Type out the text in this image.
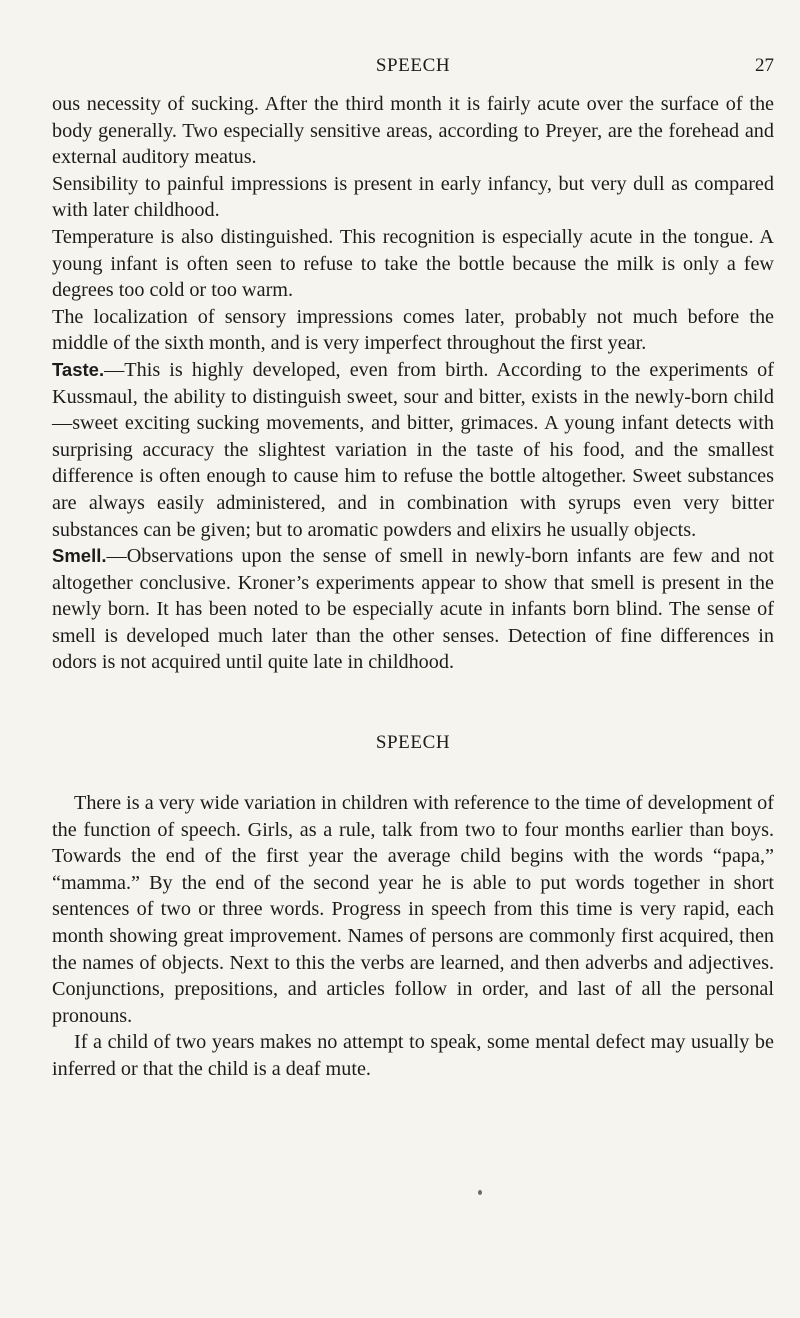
SPEECH	27

ous necessity of sucking. After the third month it is fairly acute over the surface of the body generally. Two especially sensitive areas, according to Preyer, are the forehead and external auditory meatus.

Sensibility to painful impressions is present in early infancy, but very dull as compared with later childhood.

Temperature is also distinguished. This recognition is especially acute in the tongue. A young infant is often seen to refuse to take the bottle because the milk is only a few degrees too cold or too warm.

The localization of sensory impressions comes later, probably not much before the middle of the sixth month, and is very imperfect throughout the first year.

Taste.—This is highly developed, even from birth. According to the experiments of Kussmaul, the ability to distinguish sweet, sour and bitter, exists in the newly-born child—sweet exciting sucking movements, and bitter, grimaces. A young infant detects with surprising accuracy the slightest variation in the taste of his food, and the smallest difference is often enough to cause him to refuse the bottle altogether. Sweet substances are always easily administered, and in combination with syrups even very bitter substances can be given; but to aromatic powders and elixirs he usually objects.

Smell.—Observations upon the sense of smell in newly-born infants are few and not altogether conclusive. Kroner’s experiments appear to show that smell is present in the newly born. It has been noted to be especially acute in infants born blind. The sense of smell is developed much later than the other senses. Detection of fine differences in odors is not acquired until quite late in childhood.

SPEECH

There is a very wide variation in children with reference to the time of development of the function of speech. Girls, as a rule, talk from two to four months earlier than boys. Towards the end of the first year the average child begins with the words “papa,” “mamma.” By the end of the second year he is able to put words together in short sentences of two or three words. Progress in speech from this time is very rapid, each month showing great improvement. Names of persons are commonly first acquired, then the names of objects. Next to this the verbs are learned, and then adverbs and adjectives. Conjunctions, prepositions, and articles follow in order, and last of all the personal pronouns.

If a child of two years makes no attempt to speak, some mental defect may usually be inferred or that the child is a deaf mute.
